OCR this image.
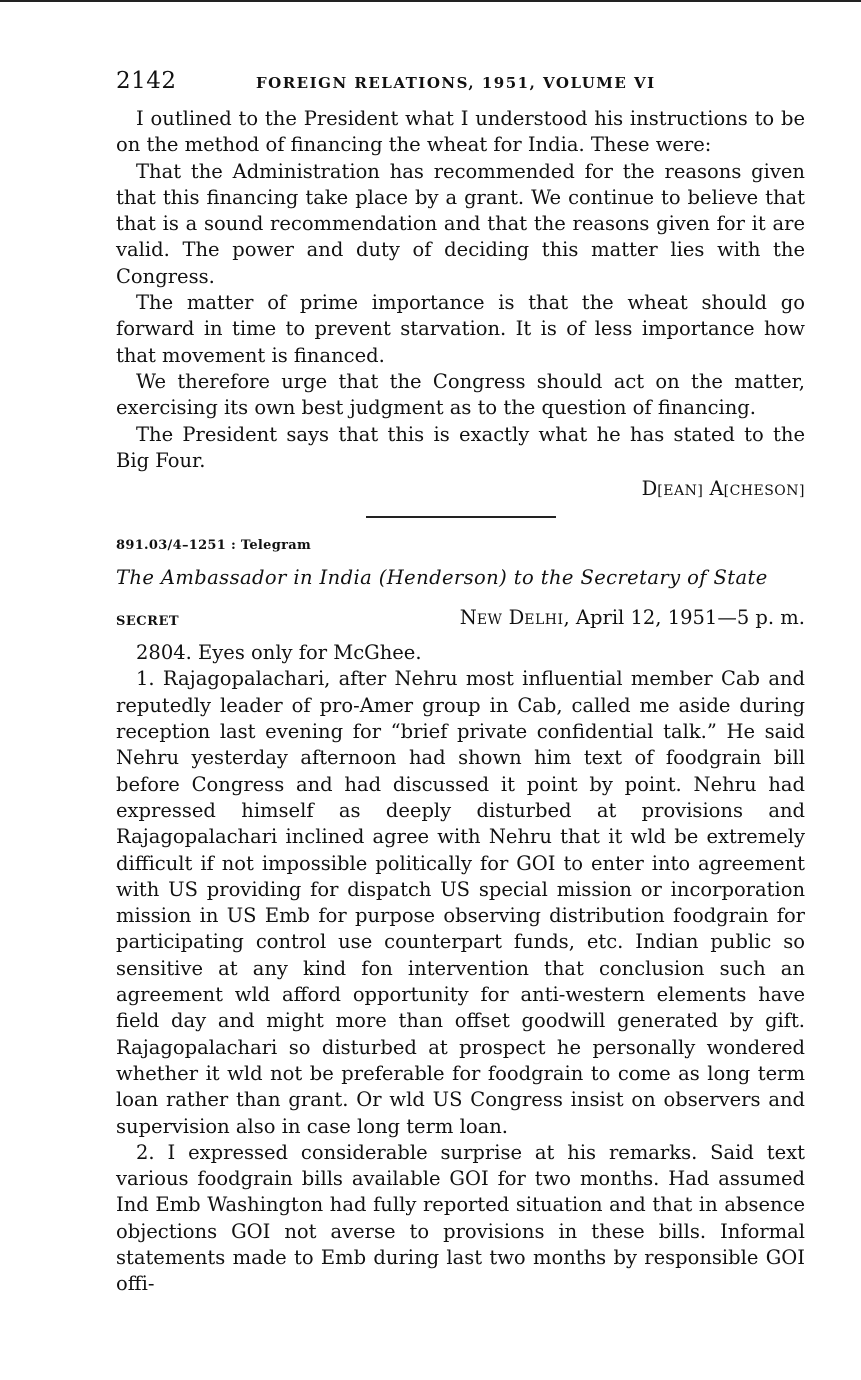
2142	FOREIGN RELATIONS, 1951, VOLUME VI

I outlined to the President what I understood his instructions to be on the method of financing the wheat for India. These were:

That the Administration has recommended for the reasons given that this financing take place by a grant. We continue to believe that that is a sound recommendation and that the reasons given for it are valid. The power and duty of deciding this matter lies with the Congress.

The matter of prime importance is that the wheat should go forward in time to prevent starvation. It is of less importance how that movement is financed.

We therefore urge that the Congress should act on the matter, exercising its own best judgment as to the question of financing.

The President says that this is exactly what he has stated to the Big Four.

D[EAN] A[CHESON]
891.03/4–1251 : Telegram
The Ambassador in India (Henderson) to the Secretary of State
SECRET	NEW DELHI, April 12, 1951—5 p. m.

2804. Eyes only for McGhee.

1. Rajagopalachari, after Nehru most influential member Cab and reputedly leader of pro-Amer group in Cab, called me aside during reception last evening for “brief private confidential talk.” He said Nehru yesterday afternoon had shown him text of foodgrain bill before Congress and had discussed it point by point. Nehru had expressed himself as deeply disturbed at provisions and Rajagopalachari inclined agree with Nehru that it wld be extremely difficult if not impossible politically for GOI to enter into agreement with US providing for dispatch US special mission or incorporation mission in US Emb for purpose observing distribution foodgrain for participating control use counterpart funds, etc. Indian public so sensitive at any kind fon intervention that conclusion such an agreement wld afford opportunity for anti-western elements have field day and might more than offset goodwill generated by gift. Rajagopalachari so disturbed at prospect he personally wondered whether it wld not be preferable for foodgrain to come as long term loan rather than grant. Or wld US Congress insist on observers and supervision also in case long term loan.

2. I expressed considerable surprise at his remarks. Said text various foodgrain bills available GOI for two months. Had assumed Ind Emb Washington had fully reported situation and that in absence objections GOI not averse to provisions in these bills. Informal statements made to Emb during last two months by responsible GOI offi-
